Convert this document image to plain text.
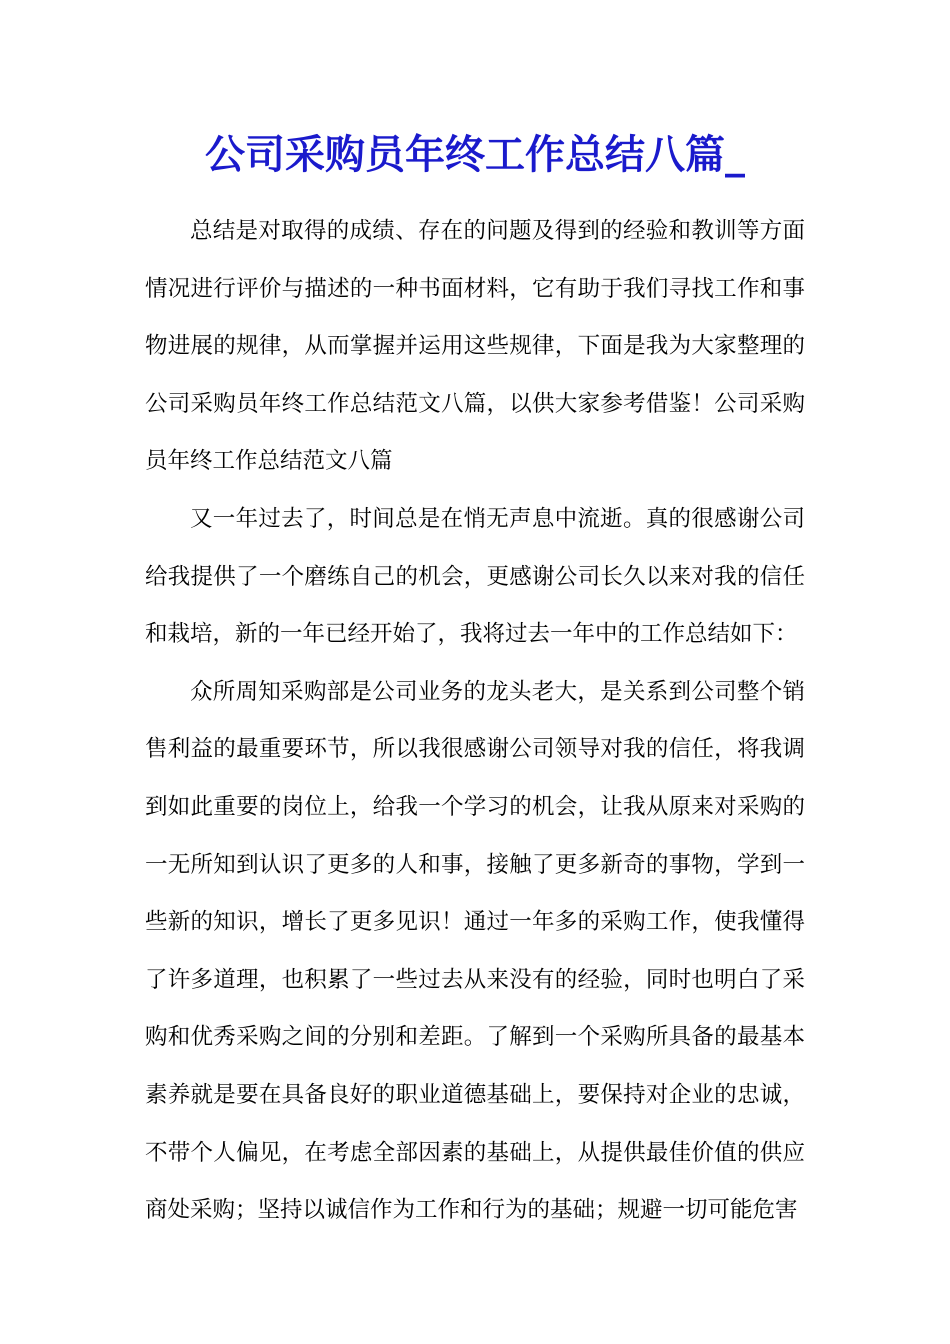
公司采购员年终工作总结八篇_

总结是对取得的成绩、存在的问题及得到的经验和教训等方面情况进行评价与描述的一种书面材料，它有助于我们寻找工作和事物进展的规律，从而掌握并运用这些规律，下面是我为大家整理的公司采购员年终工作总结范文八篇，以供大家参考借鉴！公司采购员年终工作总结范文八篇

又一年过去了，时间总是在悄无声息中流逝。真的很感谢公司给我提供了一个磨练自己的机会，更感谢公司长久以来对我的信任和栽培，新的一年已经开始了，我将过去一年中的工作总结如下：

众所周知采购部是公司业务的龙头老大，是关系到公司整个销售利益的最重要环节，所以我很感谢公司领导对我的信任，将我调到如此重要的岗位上，给我一个学习的机会，让我从原来对采购的一无所知到认识了更多的人和事，接触了更多新奇的事物，学到一些新的知识，增长了更多见识！通过一年多的采购工作，使我懂得了许多道理，也积累了一些过去从来没有的经验，同时也明白了采购和优秀采购之间的分别和差距。了解到一个采购所具备的最基本素养就是要在具备良好的职业道德基础上，要保持对企业的忠诚，不带个人偏见，在考虑全部因素的基础上，从提供最佳价值的供应商处采购；坚持以诚信作为工作和行为的基础；规避一切可能危害
